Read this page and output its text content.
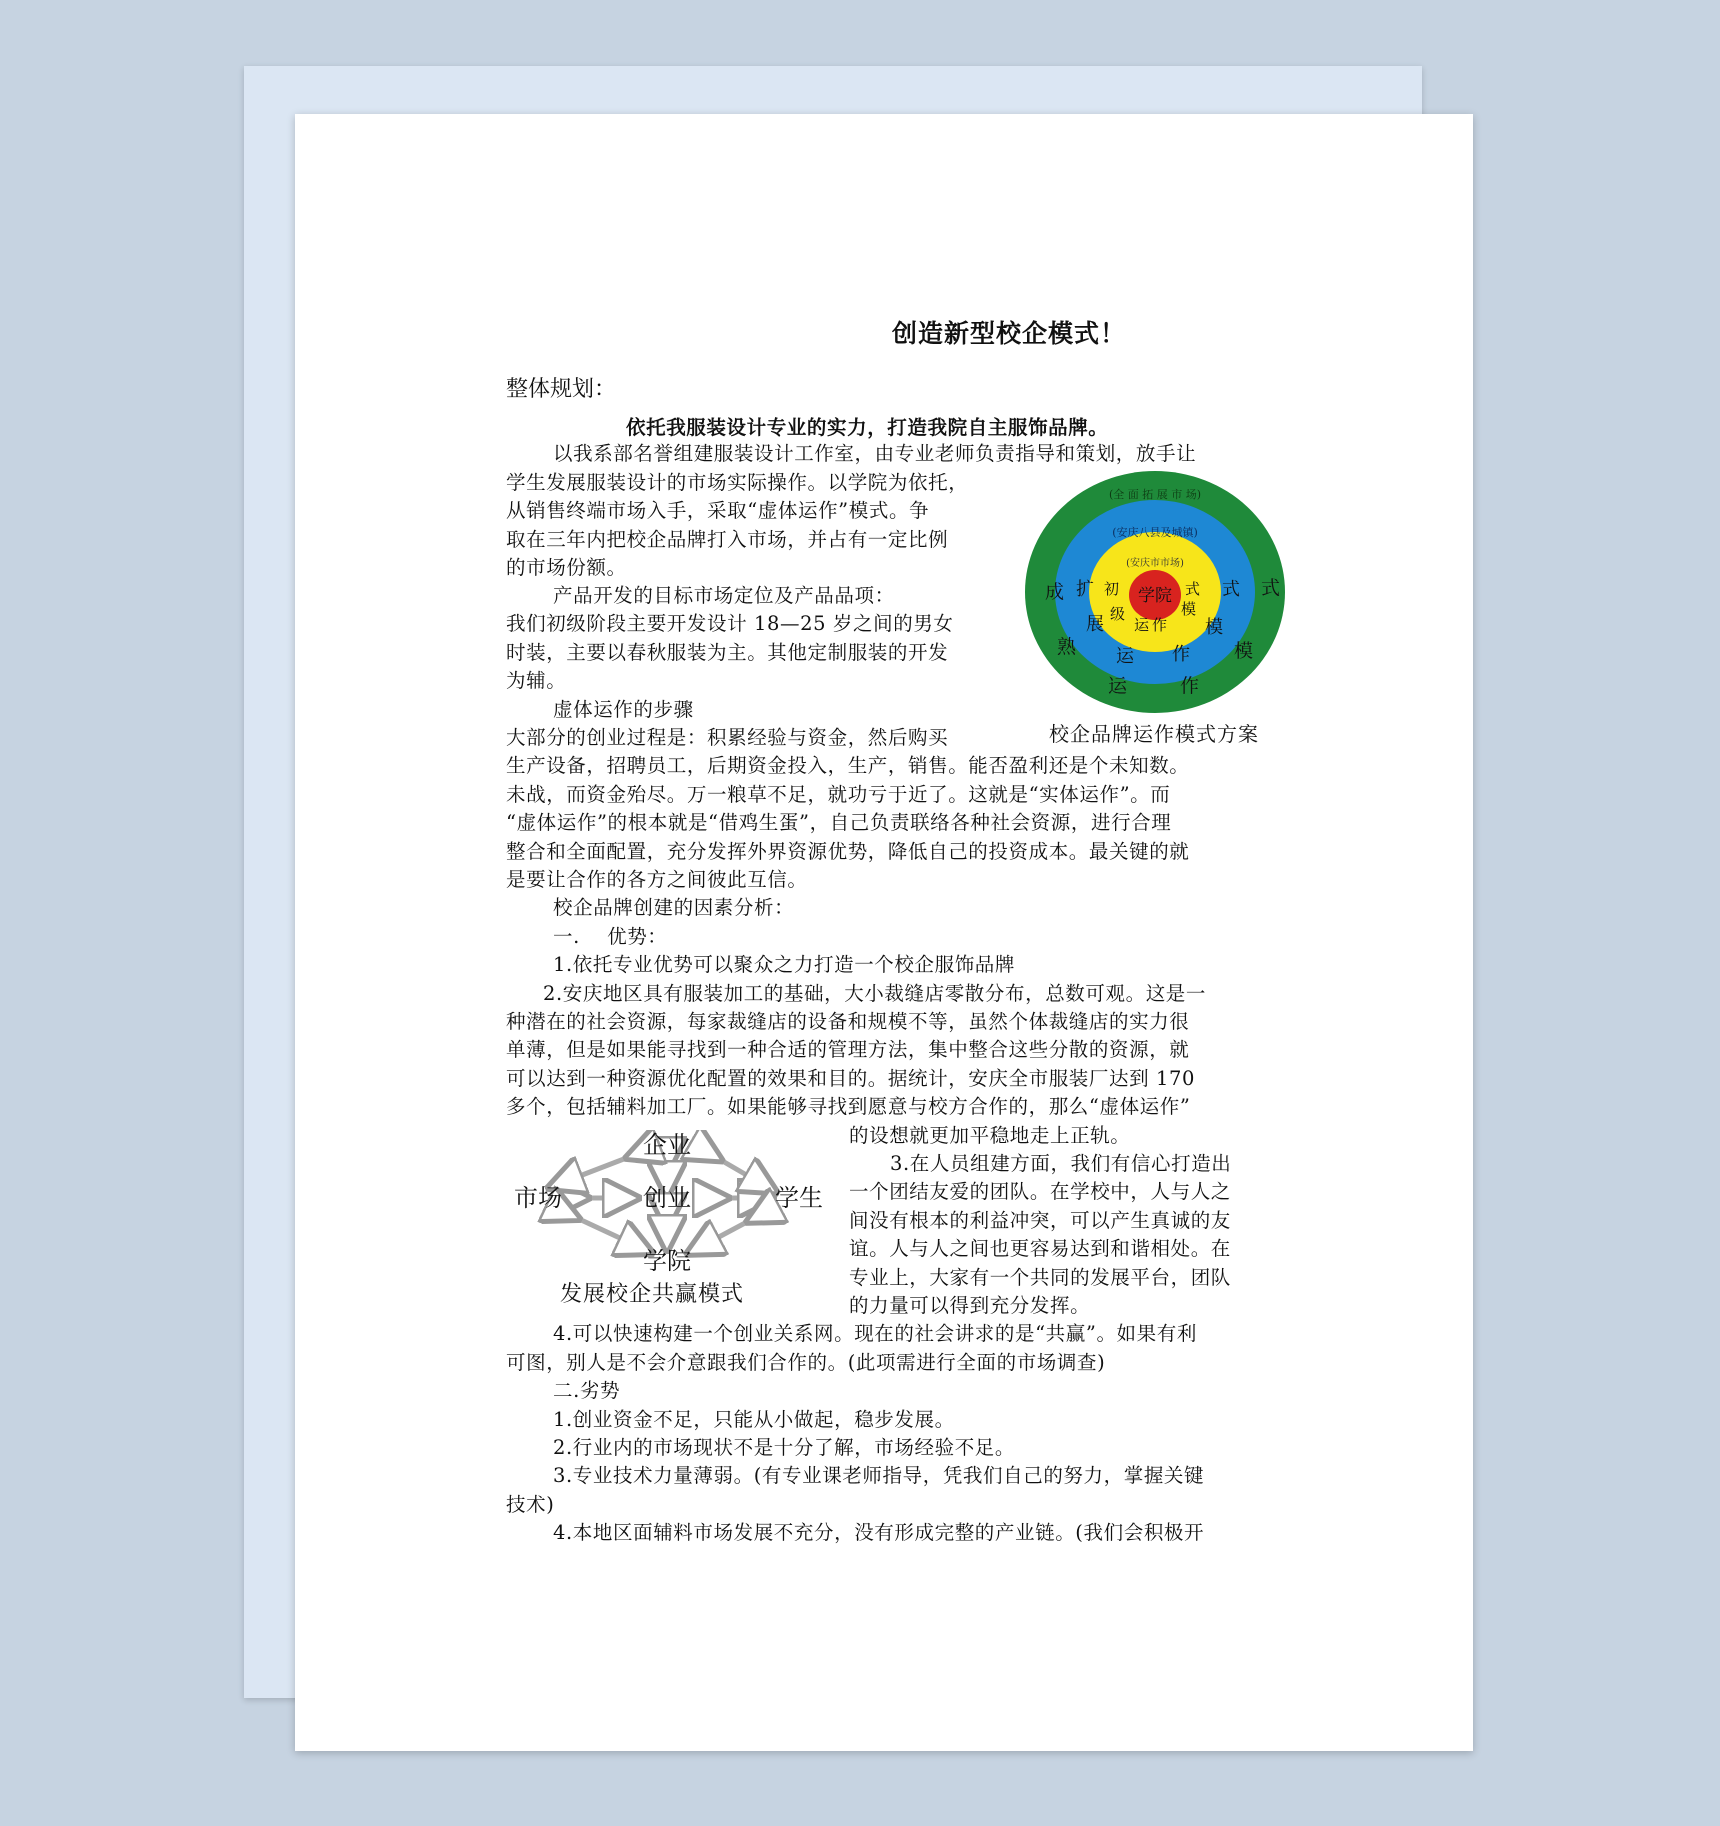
创造新型校企模式！
整体规划：
依托我服装设计专业的实力，打造我院自主服饰品牌。
以我系部名誉组建服装设计工作室，由专业老师负责指导和策划，放手让
学生发展服装设计的市场实际操作。以学院为依托，
从销售终端市场入手，采取“虚体运作”模式。争
取在三年内把校企品牌打入市场，并占有一定比例
的市场份额。
产品开发的目标市场定位及产品品项：
我们初级阶段主要开发设计 18—25 岁之间的男女
时装，主要以春秋服装为主。其他定制服装的开发
为辅。
虚体运作的步骤
大部分的创业过程是：积累经验与资金，然后购买
生产设备，招聘员工，后期资金投入，生产，销售。能否盈利还是个未知数。
未战，而资金殆尽。万一粮草不足，就功亏于近了。这就是“实体运作”。而
“虚体运作”的根本就是“借鸡生蛋”，自己负责联络各种社会资源，进行合理
整合和全面配置，充分发挥外界资源优势，降低自己的投资成本。最关键的就
是要让合作的各方之间彼此互信。
校企品牌创建的因素分析：
一.    优势：
1.依托专业优势可以聚众之力打造一个校企服饰品牌
2.安庆地区具有服装加工的基础，大小裁缝店零散分布，总数可观。这是一
种潜在的社会资源，每家裁缝店的设备和规模不等，虽然个体裁缝店的实力很
单薄，但是如果能寻找到一种合适的管理方法，集中整合这些分散的资源，就
可以达到一种资源优化配置的效果和目的。据统计，安庆全市服装厂达到 170
多个，包括辅料加工厂。如果能够寻找到愿意与校方合作的，那么“虚体运作”
的设想就更加平稳地走上正轨。
3.在人员组建方面，我们有信心打造出
一个团结友爱的团队。在学校中，人与人之
间没有根本的利益冲突，可以产生真诚的友
谊。人与人之间也更容易达到和谐相处。在
专业上，大家有一个共同的发展平台，团队
的力量可以得到充分发挥。
4.可以快速构建一个创业关系网。现在的社会讲求的是“共赢”。如果有利
可图，别人是不会介意跟我们合作的。(此项需进行全面的市场调查)
二.劣势
1.创业资金不足，只能从小做起，稳步发展。
2.行业内的市场现状不是十分了解，市场经验不足。
3.专业技术力量薄弱。(有专业课老师指导，凭我们自己的努力，掌握关键
技术)
4.本地区面辅料市场发展不充分，没有形成完整的产业链。(我们会积极开
(全 面 拓 展 市 场)
(安庆八县及城镇)
(安庆市市场)
学院
成
熟
运	作
模
式
扩
展
运 作
模
式
初
级
运 作
模
式
校企品牌运作模式方案
企业
市场	创业	学生
学院
发展校企共赢模式
